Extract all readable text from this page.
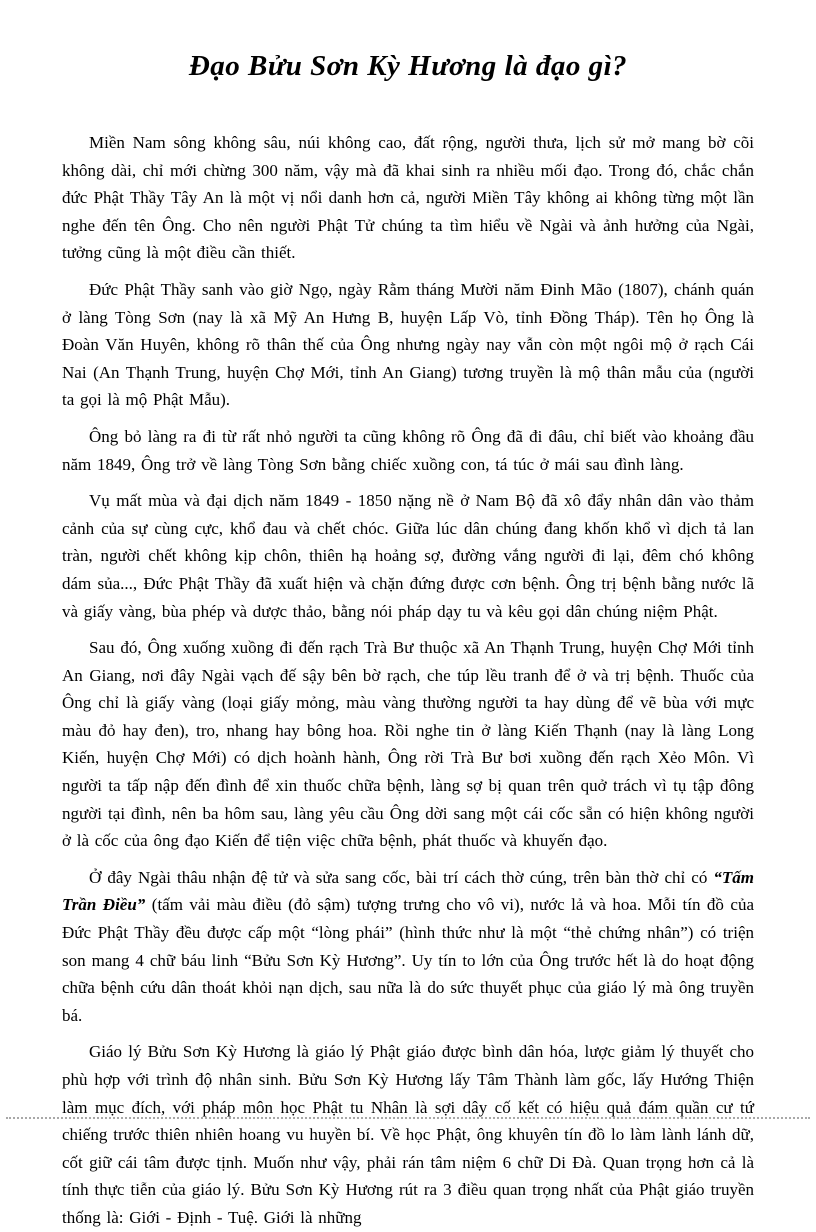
Đạo Bửu Sơn Kỳ Hương là đạo gì?

Miền Nam sông không sâu, núi không cao, đất rộng, người thưa, lịch sử mở mang bờ cõi không dài, chỉ mới chừng 300 năm, vậy mà đã khai sinh ra nhiều mối đạo. Trong đó, chắc chắn đức Phật Thầy Tây An là một vị nổi danh hơn cả, người Miền Tây không ai không từng một lần nghe đến tên Ông. Cho nên người Phật Tử chúng ta tìm hiểu về Ngài và ảnh hưởng của Ngài, tưởng cũng là một điều cần thiết.

Đức Phật Thầy sanh vào giờ Ngọ, ngày Rằm tháng Mười năm Đinh Mão (1807), chánh quán ở làng Tòng Sơn (nay là xã Mỹ An Hưng B, huyện Lấp Vò, tỉnh Đồng Tháp). Tên họ Ông là Đoàn Văn Huyên, không rõ thân thế của Ông nhưng ngày nay vẫn còn một ngôi mộ ở rạch Cái Nai (An Thạnh Trung, huyện Chợ Mới, tỉnh An Giang) tương truyền là mộ thân mẫu của (người ta gọi là mộ Phật Mẫu).

Ông bỏ làng ra đi từ rất nhỏ người ta cũng không rõ Ông đã đi đâu, chỉ biết vào khoảng đầu năm 1849, Ông trở về làng Tòng Sơn bằng chiếc xuồng con, tá túc ở mái sau đình làng.

Vụ mất mùa và đại dịch năm 1849 - 1850 nặng nề ở Nam Bộ đã xô đẩy nhân dân vào thảm cảnh của sự cùng cực, khổ đau và chết chóc. Giữa lúc dân chúng đang khốn khổ vì dịch tả lan tràn, người chết không kịp chôn, thiên hạ hoảng sợ, đường vắng người đi lại, đêm chó không dám sủa..., Đức Phật Thầy đã xuất hiện và chặn đứng được cơn bệnh. Ông trị bệnh bằng nước lã và giấy vàng, bùa phép và dược thảo, bằng nói pháp dạy tu và kêu gọi dân chúng niệm Phật.

Sau đó, Ông xuống xuồng đi đến rạch Trà Bư thuộc xã An Thạnh Trung, huyện Chợ Mới tỉnh An Giang, nơi đây Ngài vạch đế sậy bên bờ rạch, che túp lều tranh để ở và trị bệnh. Thuốc của Ông chỉ là giấy vàng (loại giấy mỏng, màu vàng thường người ta hay dùng để vẽ bùa với mực màu đỏ hay đen), tro, nhang hay bông hoa. Rồi nghe tin ở làng Kiến Thạnh (nay là làng Long Kiến, huyện Chợ Mới) có dịch hoành hành, Ông rời Trà Bư bơi xuồng đến rạch Xẻo Môn. Vì người ta tấp nập đến đình để xin thuốc chữa bệnh, làng sợ bị quan trên quở trách vì tụ tập đông người tại đình, nên ba hôm sau, làng yêu cầu Ông dời sang một cái cốc sẵn có hiện không người ở là cốc của ông đạo Kiến để tiện việc chữa bệnh, phát thuốc và khuyến đạo.

Ở đây Ngài thâu nhận đệ tử và sửa sang cốc, bài trí cách thờ cúng, trên bàn thờ chỉ có “Tấm Trần Điều” (tấm vải màu điều (đỏ sậm) tượng trưng cho vô vi), nước lả và hoa. Mỗi tín đồ của Đức Phật Thầy đều được cấp một “lòng phái” (hình thức như là một “thẻ chứng nhân”) có triện son mang 4 chữ báu linh “Bửu Sơn Kỳ Hương”. Uy tín to lớn của Ông trước hết là do hoạt động chữa bệnh cứu dân thoát khỏi nạn dịch, sau nữa là do sức thuyết phục của giáo lý mà ông truyền bá.

Giáo lý Bửu Sơn Kỳ Hương là giáo lý Phật giáo được bình dân hóa, lược giảm lý thuyết cho phù hợp với trình độ nhân sinh. Bửu Sơn Kỳ Hương lấy Tâm Thành làm gốc, lấy Hướng Thiện làm mục đích, với pháp môn học Phật tu Nhân là sợi dây cố kết có hiệu quả đám quần cư tứ chiếng trước thiên nhiên hoang vu huyền bí. Về học Phật, ông khuyên tín đồ lo làm lành lánh dữ, cốt giữ cái tâm được tịnh. Muốn như vậy, phải rán tâm niệm 6 chữ Di Đà. Quan trọng hơn cả là tính thực tiễn của giáo lý. Bửu Sơn Kỳ Hương rút ra 3 điều quan trọng nhất của Phật giáo truyền thống là: Giới - Định - Tuệ. Giới là những
